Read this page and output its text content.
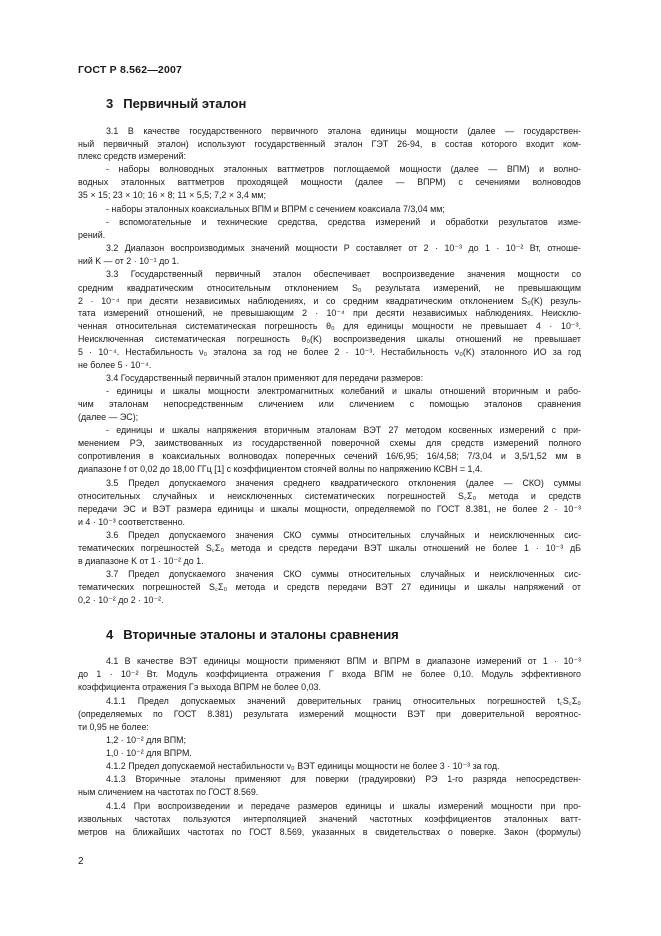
ГОСТ Р 8.562—2007
3 Первичный эталон
4 Вторичные эталоны и эталоны сравнения
3.1 В качестве государственного первичного эталона единицы мощности (далее — государствен-
ный первичный эталон) используют государственный эталон ГЭТ 26-94, в состав которого входит ком-
плекс средств измерений:
- наборы волноводных эталонных ваттметров поглощаемой мощности (далее — ВПМ) и волно-
водных эталонных ваттметров проходящей мощности (далее — ВПРМ) с сечениями волноводов
35 × 15; 23 × 10; 16 × 8; 11 × 5,5; 7,2 × 3,4 мм;
- наборы эталонных коаксиальных ВПМ и ВПРМ с сечением коаксиала 7/3,04 мм;
- вспомогательные и технические средства, средства измерений и обработки результатов изме-
рений.
3.2 Диапазон воспроизводимых значений мощности P составляет от 2 · 10⁻³ до 1 · 10⁻² Вт, отноше-
ний K — от 2 · 10⁻¹ до 1.
3.3 Государственный первичный эталон обеспечивает воспроизведение значения мощности со
средним квадратическим относительным отклонением S₀ результата измерений, не превышающим
2 · 10⁻⁴ при десяти независимых наблюдениях, и со средним квадратическим отклонением S₀(K) резуль-
тата измерений отношений, не превышающим 2 · 10⁻⁴ при десяти независимых наблюдениях. Неисклю-
ченная относительная систематическая погрешность θ₀ для единицы мощности не превышает 4 · 10⁻³.
Неисключенная систематическая погрешность θ₀(K) воспроизведения шкалы отношений не превышает
5 · 10⁻⁴. Нестабильность ν₀ эталона за год не более 2 · 10⁻³. Нестабильность ν₀(K) эталонного ИО за год
не более 5 · 10⁻⁴.
3.4 Государственный первичный эталон применяют для передачи размеров:
- единицы и шкалы мощности электромагнитных колебаний и шкалы отношений вторичным и рабо-
чим эталонам непосредственным сличением или сличением с помощью эталонов сравнения
(далее — ЭС);
- единицы и шкалы напряжения вторичным эталонам ВЭТ 27 методом косвенных измерений с при-
менением РЭ, заимствованных из государственной поверочной схемы для средств измерений полного
сопротивления в коаксиальных волноводах поперечных сечений 16/6,95; 16/4,58; 7/3,04 и 3,5/1,52 мм в
диапазоне f от 0,02 до 18,00 ГГц [1] с коэффициентом стоячей волны по напряжению КСВН = 1,4.
3.5 Предел допускаемого значения среднего квадратического отклонения (далее — СКО) суммы
относительных случайных и неисключенных систематических погрешностей S꜀Σ₀ метода и средств
передачи ЭС и ВЭТ размера единицы и шкалы мощности, определяемой по ГОСТ 8.381, не более 2 · 10⁻³
и 4 · 10⁻³ соответственно.
3.6 Предел допускаемого значения СКО суммы относительных случайных и неисключенных сис-
тематических погрешностей S꜀Σ₀ метода и средств передачи ВЭТ шкалы отношений не более 1 · 10⁻³ дБ
в диапазоне K от 1 · 10⁻² до 1.
3.7 Предел допускаемого значения СКО суммы относительных случайных и неисключенных сис-
тематических погрешностей S꜀Σ₀ метода и средств передачи ВЭТ 27 единицы и шкалы напряжений от
0,2 · 10⁻² до 2 · 10⁻².
4.1 В качестве ВЭТ единицы мощности применяют ВПМ и ВПРМ в диапазоне измерений от 1 · 10⁻³
до 1 · 10⁻² Вт. Модуль коэффициента отражения Γ входа ВПМ не более 0,10. Модуль эффективного
коэффициента отражения Γэ выхода ВПРМ не более 0,03.
4.1.1 Предел допускаемых значений доверительных границ относительных погрешностей t꜀S꜀Σ₀
(определяемых по ГОСТ 8.381) результата измерений мощности ВЭТ при доверительной вероятнос-
ти 0,95 не более:
1,2 · 10⁻² для ВПМ;
1,0 · 10⁻² для ВПРМ.
4.1.2 Предел допускаемой нестабильности ν₀ ВЭТ единицы мощности не более 3 · 10⁻³ за год.
4.1.3 Вторичные эталоны применяют для поверки (градуировки) РЭ 1-го разряда непосредствен-
ным сличением на частотах по ГОСТ 8.569.
4.1.4 При воспроизведении и передаче размеров единицы и шкалы измерений мощности при про-
извольных частотах пользуются интерполяцией значений частотных коэффициентов эталонных ватт-
метров на ближайших частотах по ГОСТ 8.569, указанных в свидетельствах о поверке. Закон (формулы)
2
